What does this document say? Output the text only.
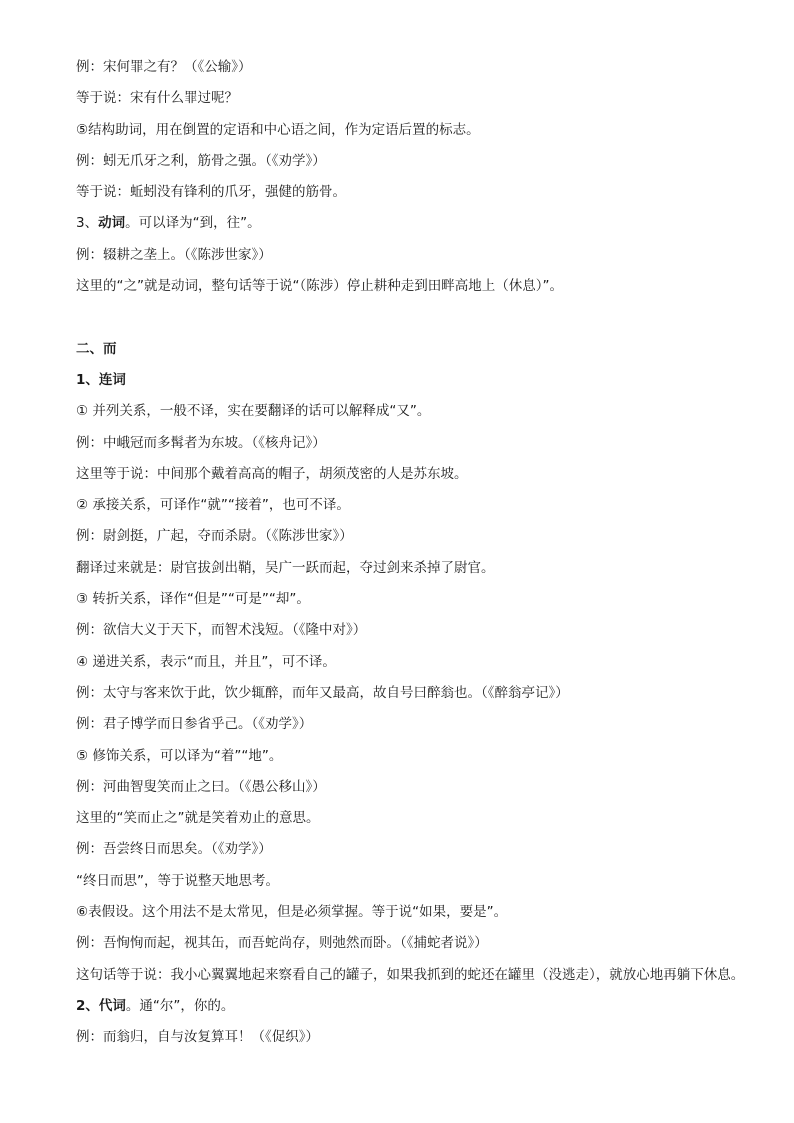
例：宋何罪之有？（《公输》）
等于说：宋有什么罪过呢？
⑤结构助词，用在倒置的定语和中心语之间，作为定语后置的标志。
例：蚓无爪牙之利，筋骨之强。（《劝学》）
等于说：蚯蚓没有锋利的爪牙，强健的筋骨。
3、动词。可以译为“到，往”。
例：辍耕之垄上。（《陈涉世家》）
这里的“之”就是动词，整句话等于说“（陈涉）停止耕种走到田畔高地上（休息）”。
二、而
1、连词
① 并列关系，一般不译，实在要翻译的话可以解释成“又”。
例：中峨冠而多髯者为东坡。（《核舟记》）
这里等于说：中间那个戴着高高的帽子，胡须茂密的人是苏东坡。
② 承接关系，可译作“就”“接着”，也可不译。
例：尉剑挺，广起，夺而杀尉。（《陈涉世家》）
翻译过来就是：尉官拔剑出鞘，吴广一跃而起，夺过剑来杀掉了尉官。
③ 转折关系，译作“但是”“可是”“却”。
例：欲信大义于天下，而智术浅短。（《隆中对》）
④ 递进关系，表示“而且，并且”，可不译。
例：太守与客来饮于此，饮少辄醉，而年又最高，故自号曰醉翁也。（《醉翁亭记》）
例：君子博学而日参省乎己。（《劝学》）
⑤ 修饰关系，可以译为“着”“地”。
例：河曲智叟笑而止之曰。（《愚公移山》）
这里的“笑而止之”就是笑着劝止的意思。
例：吾尝终日而思矣。（《劝学》）
“终日而思”，等于说整天地思考。
⑥表假设。这个用法不是太常见，但是必须掌握。等于说“如果，要是”。
例：吾恂恂而起，视其缶，而吾蛇尚存，则弛然而卧。（《捕蛇者说》）
这句话等于说：我小心翼翼地起来察看自己的罐子，如果我抓到的蛇还在罐里（没逃走），就放心地再躺下休息。
2、代词。通“尔”，你的。
例：而翁归，自与汝复算耳！（《促织》）
